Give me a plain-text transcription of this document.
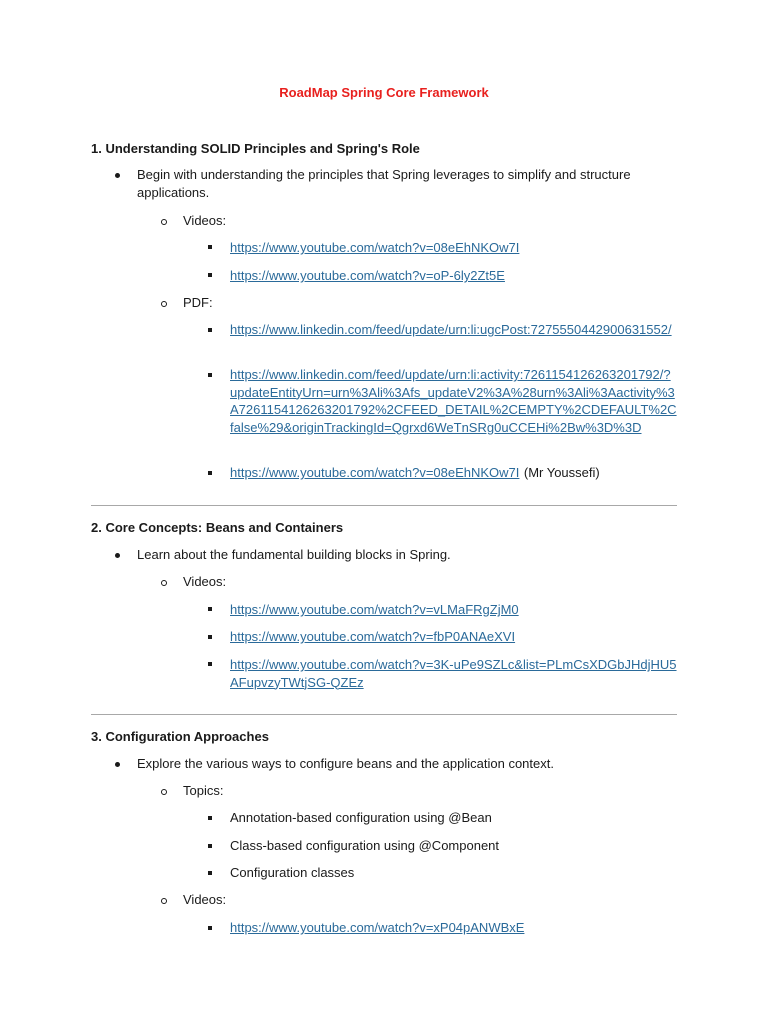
RoadMap Spring Core Framework
1. Understanding SOLID Principles and Spring's Role
Begin with understanding the principles that Spring leverages to simplify and structure applications.
Videos:
https://www.youtube.com/watch?v=08eEhNKOw7I
https://www.youtube.com/watch?v=oP-6ly2Zt5E
PDF:
https://www.linkedin.com/feed/update/urn:li:ugcPost:7275550442900631552/
https://www.linkedin.com/feed/update/urn:li:activity:7261154126263201792/?updateEntityUrn=urn%3Ali%3Afs_updateV2%3A%28urn%3Ali%3Aactivity%3A7261154126263201792%2CFEED_DETAIL%2CEMPTY%2CDEFAULT%2Cfalse%29&originTrackingId=Qgrxd6WeTnSRg0uCCEHi%2Bw%3D%3D
https://www.youtube.com/watch?v=08eEhNKOw7I (Mr Youssefi)
2. Core Concepts: Beans and Containers
Learn about the fundamental building blocks in Spring.
Videos:
https://www.youtube.com/watch?v=vLMaFRgZjM0
https://www.youtube.com/watch?v=fbP0ANAeXVI
https://www.youtube.com/watch?v=3K-uPe9SZLc&list=PLmCsXDGbJHdjHU5AFupvzyTWtjSG-QZEz
3. Configuration Approaches
Explore the various ways to configure beans and the application context.
Topics:
Annotation-based configuration using @Bean
Class-based configuration using @Component
Configuration classes
Videos:
https://www.youtube.com/watch?v=xP04pANWBxE
